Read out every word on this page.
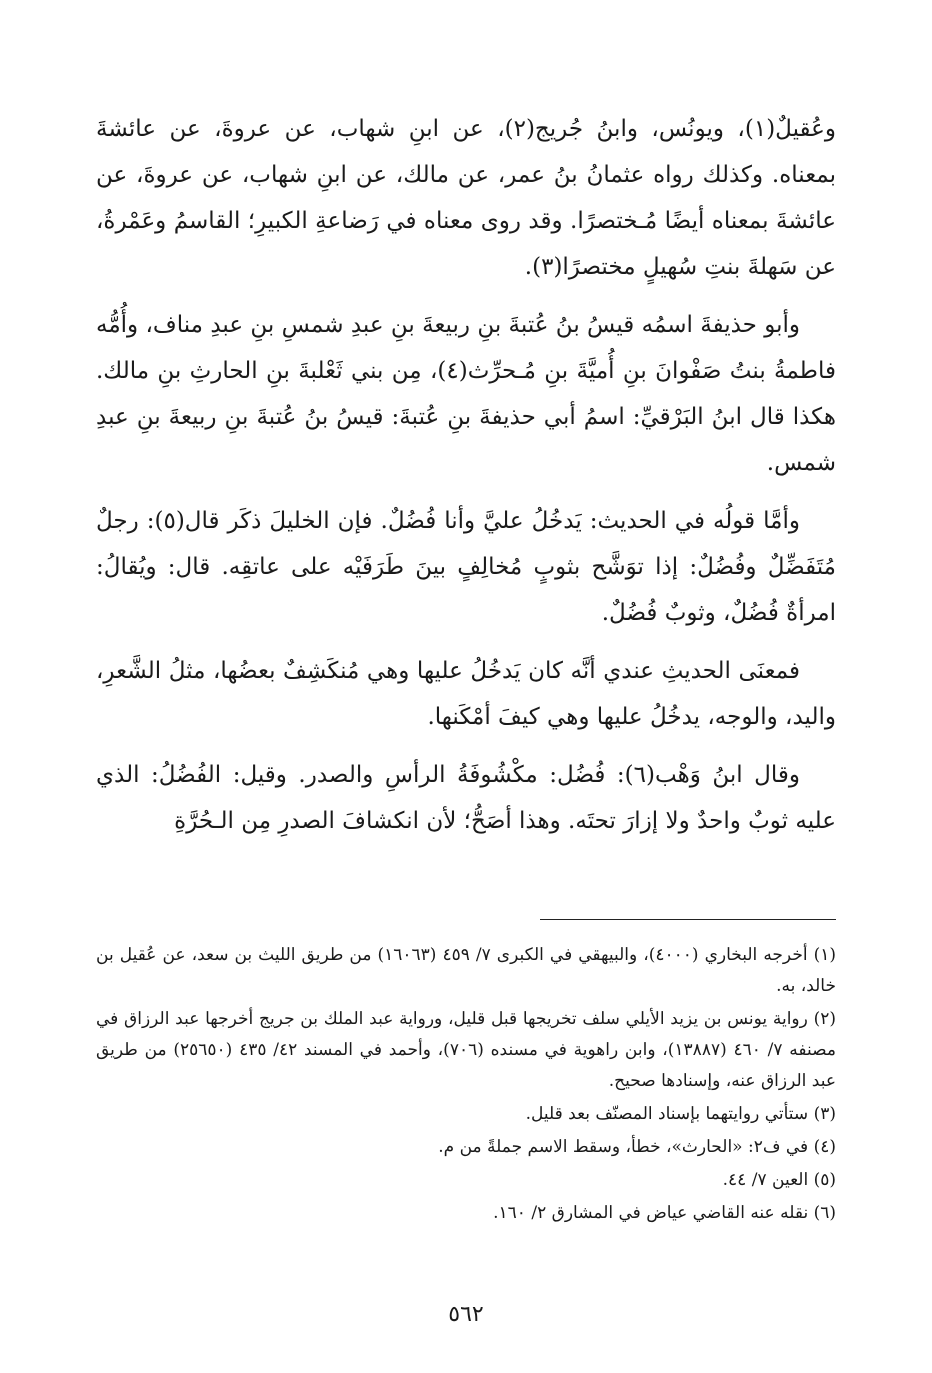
وعُقيلٌ(١)، ويونُس، وابنُ جُريج(٢)، عن ابنِ شهاب، عن عروةَ، عن عائشةَ بمعناه. وكذلك رواه عثمانُ بنُ عمر، عن مالك، عن ابنِ شهاب، عن عروةَ، عن عائشةَ بمعناه أيضًا مُـختصرًا. وقد روى معناه في رَضاعةِ الكبيرِ؛ القاسمُ وعَمْرةُ، عن سَهلةَ بنتِ سُهيلٍ مختصرًا(٣).

وأبو حذيفةَ اسمُه قيسُ بنُ عُتبةَ بنِ ربيعةَ بنِ عبدِ شمسِ بنِ عبدِ مناف، وأُمُّه فاطمةُ بنتُ صَفْوانَ بنِ أُميَّةَ بنِ مُـحرِّث(٤)، مِن بني ثَعْلبةَ بنِ الحارثِ بنِ مالك. هكذا قال ابنُ البَرْقيِّ: اسمُ أبي حذيفةَ بنِ عُتبةَ: قيسُ بنُ عُتبةَ بنِ ربيعةَ بنِ عبدِ شمس.

وأمَّا قولُه في الحديث: يَدخُلُ عليَّ وأنا فُضُلٌ. فإن الخليلَ ذكَر قال(٥): رجلٌ مُتَفَضِّلٌ وفُضُلٌ: إذا توَشَّح بثوبٍ مُخالِفٍ بينَ طَرَفَيْه على عاتقِه. قال: ويُقالُ: امرأةٌ فُضُلٌ، وثوبٌ فُضُلٌ.

فمعنَى الحديثِ عندي أنَّه كان يَدخُلُ عليها وهي مُنكَشِفٌ بعضُها، مثلُ الشَّعرِ، واليد، والوجه، يدخُلُ عليها وهي كيفَ أمْكَنها.

وقال ابنُ وَهْب(٦): فُضُل: مكْشُوفَةُ الرأسِ والصدر. وقيل: الفُضُلُ: الذي عليه ثوبٌ واحدٌ ولا إزارَ تحتَه. وهذا أصَحُّ؛ لأن انكشافَ الصدرِ مِن الـحُرَّةِ

(١) أخرجه البخاري (٤٠٠٠)، والبيهقي في الكبرى ٧/ ٤٥٩ (١٦٠٦٣) من طريق الليث بن سعد، عن عُقيل بن خالد، به.
(٢) رواية يونس بن يزيد الأيلي سلف تخريجها قبل قليل، ورواية عبد الملك بن جريج أخرجها عبد الرزاق في مصنفه ٧/ ٤٦٠ (١٣٨٨٧)، وابن راهوية في مسنده (٧٠٦)، وأحمد في المسند ٤٢/ ٤٣٥ (٢٥٦٥٠) من طريق عبد الرزاق عنه، وإسنادها صحيح.
(٣) ستأتي روايتهما بإسناد المصنّف بعد قليل.
(٤) في ف٢: «الحارث»، خطأ، وسقط الاسم جملةً من م.
(٥) العين ٧/ ٤٤.
(٦) نقله عنه القاضي عياض في المشارق ٢/ ١٦٠.
٥٦٢
